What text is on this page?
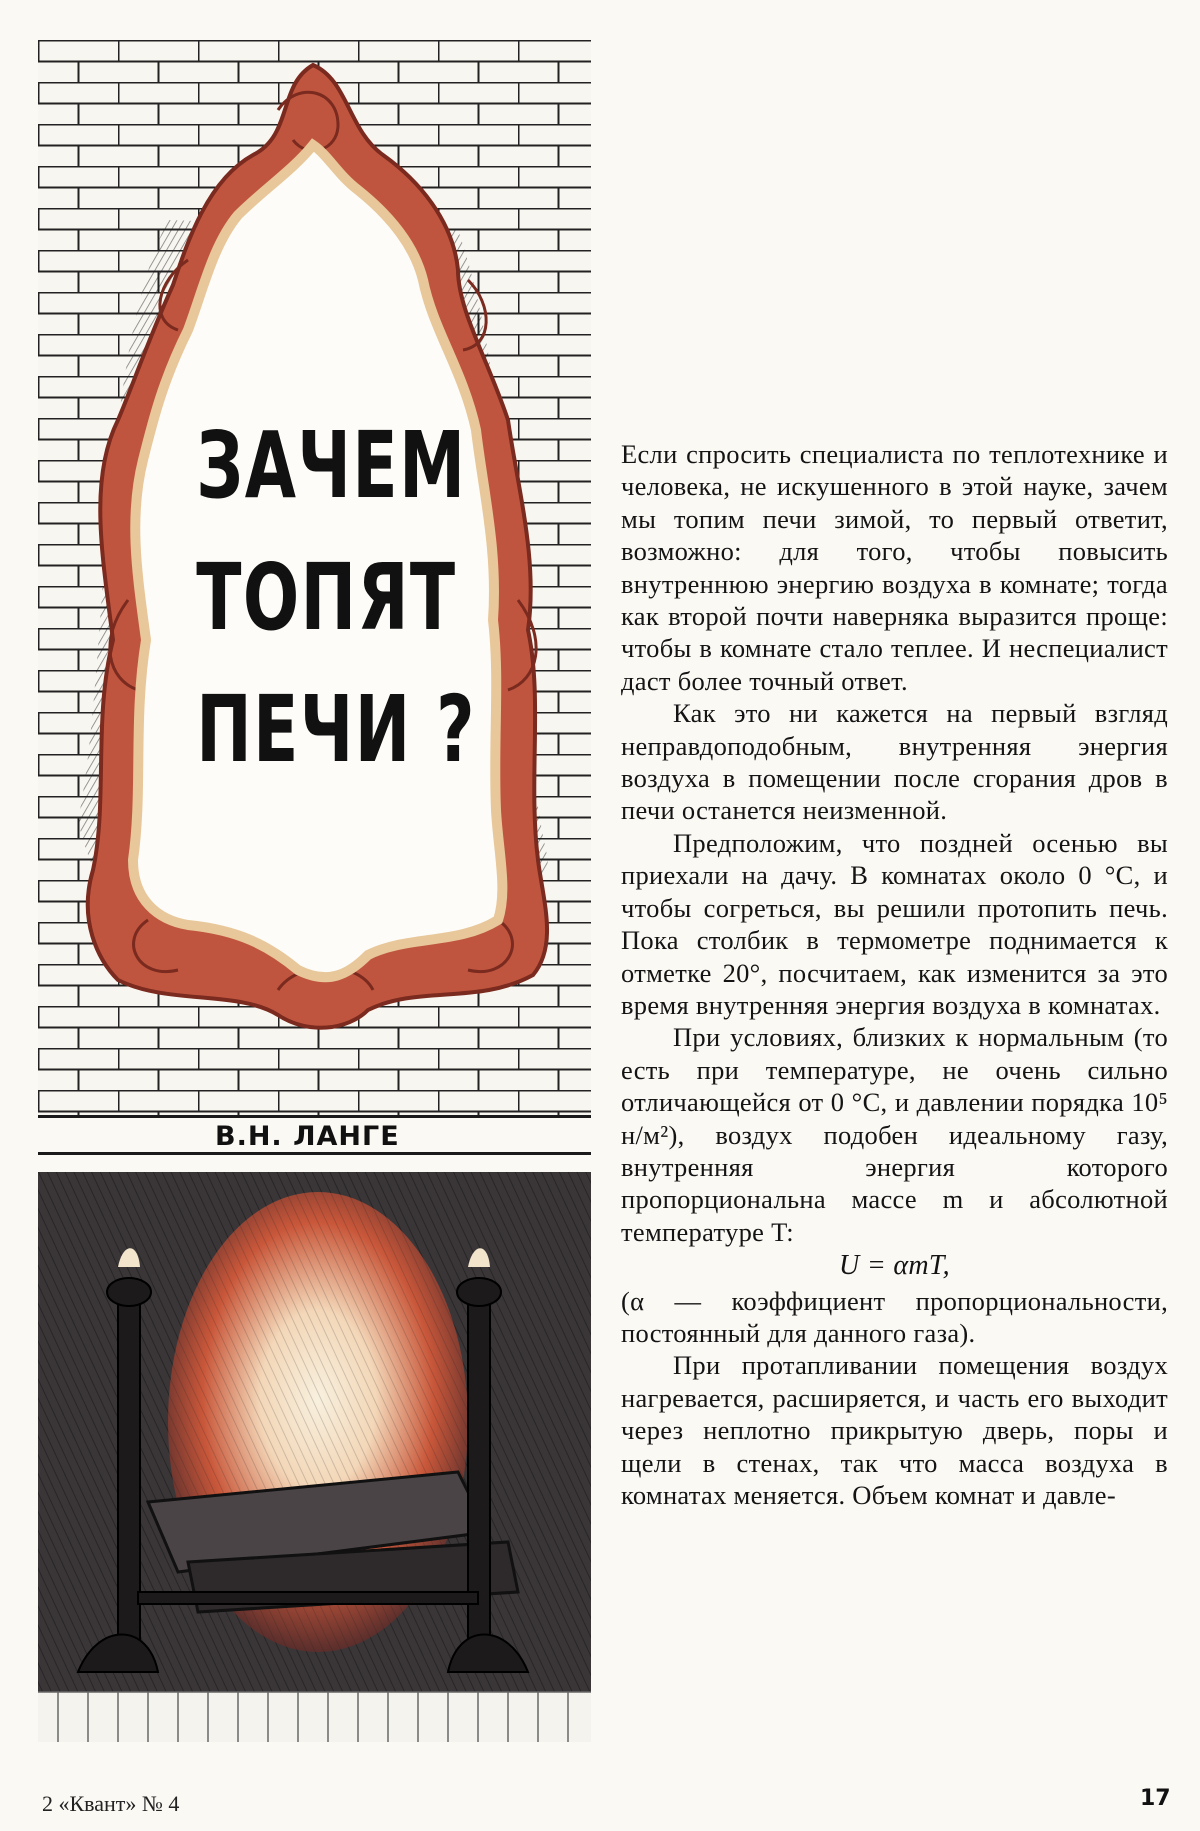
ЗАЧЕМ
ТОПЯТ
ПЕЧИ ?
В.Н. ЛАНГЕ

Если спросить специалиста по теплотехнике и человека, не искушенного в этой науке, зачем мы топим печи зимой, то первый ответит, возможно: для того, чтобы повысить внутреннюю энергию воздуха в комнате; тогда как второй почти наверняка выразится проще: чтобы в комнате стало теплее. И неспециалист даст более точный ответ.

Как это ни кажется на первый взгляд неправдоподобным, внутренняя энергия воздуха в помещении после сгорания дров в печи останется неизменной.

Предположим, что поздней осенью вы приехали на дачу. В комнатах около 0 °С, и чтобы согреться, вы решили протопить печь. Пока столбик в термометре поднимается к отметке 20°, посчитаем, как изменится за это время внутренняя энергия воздуха в комнатах.

При условиях, близких к нормальным (то есть при температуре, не очень сильно отличающейся от 0 °С, и давлении порядка 10⁵ н/м²), воздух подобен идеальному газу, внутренняя энергия которого пропорциональна массе m и абсолютной температуре T:

U = αmT,

(α — коэффициент пропорциональности, постоянный для данного газа).

При протапливании помещения воздух нагревается, расширяется, и часть его выходит через неплотно прикрытую дверь, поры и щели в стенах, так что масса воздуха в комнатах меняется. Объем комнат и давле-

2 «Квант» № 4	17
